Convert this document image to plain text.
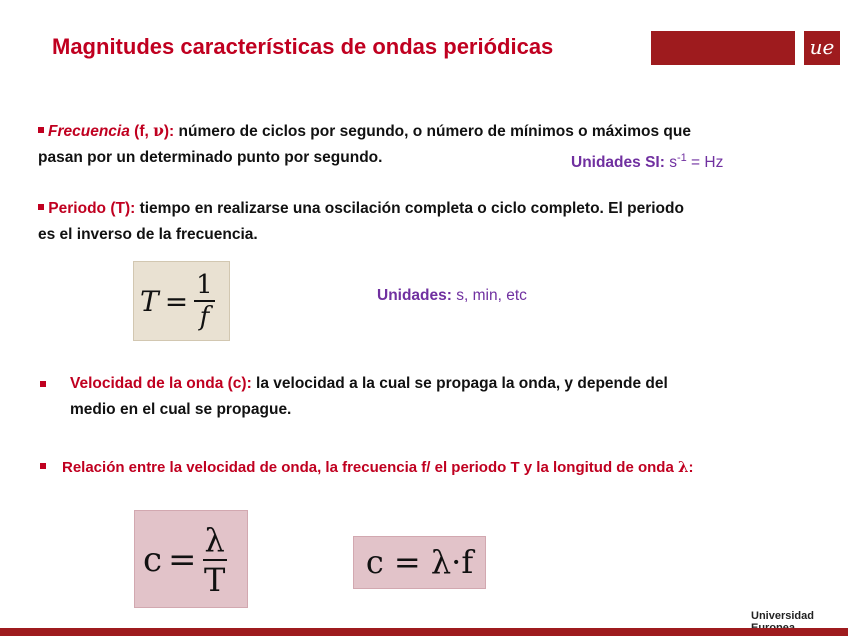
Magnitudes características de ondas periódicas	ue
Frecuencia (f, ν): número de ciclos por segundo, o número de mínimos o máximos que
pasan por un determinado punto por segundo.	Unidades SI: $s^{-1} = Hz$
Periodo (T): tiempo en realizarse una oscilación completa o ciclo completo. El periodo
es el inverso de la frecuencia.
$T = \frac{1}{f}$	Unidades: s, min, etc
Velocidad de la onda (c): la velocidad a la cual se propaga la onda, y depende del
medio en el cual se propague.
Relación entre la velocidad de onda, la frecuencia f/ el periodo T y la longitud de onda λ:
$c = \frac{\lambda}{T}$	c = λ·f
Universidad
